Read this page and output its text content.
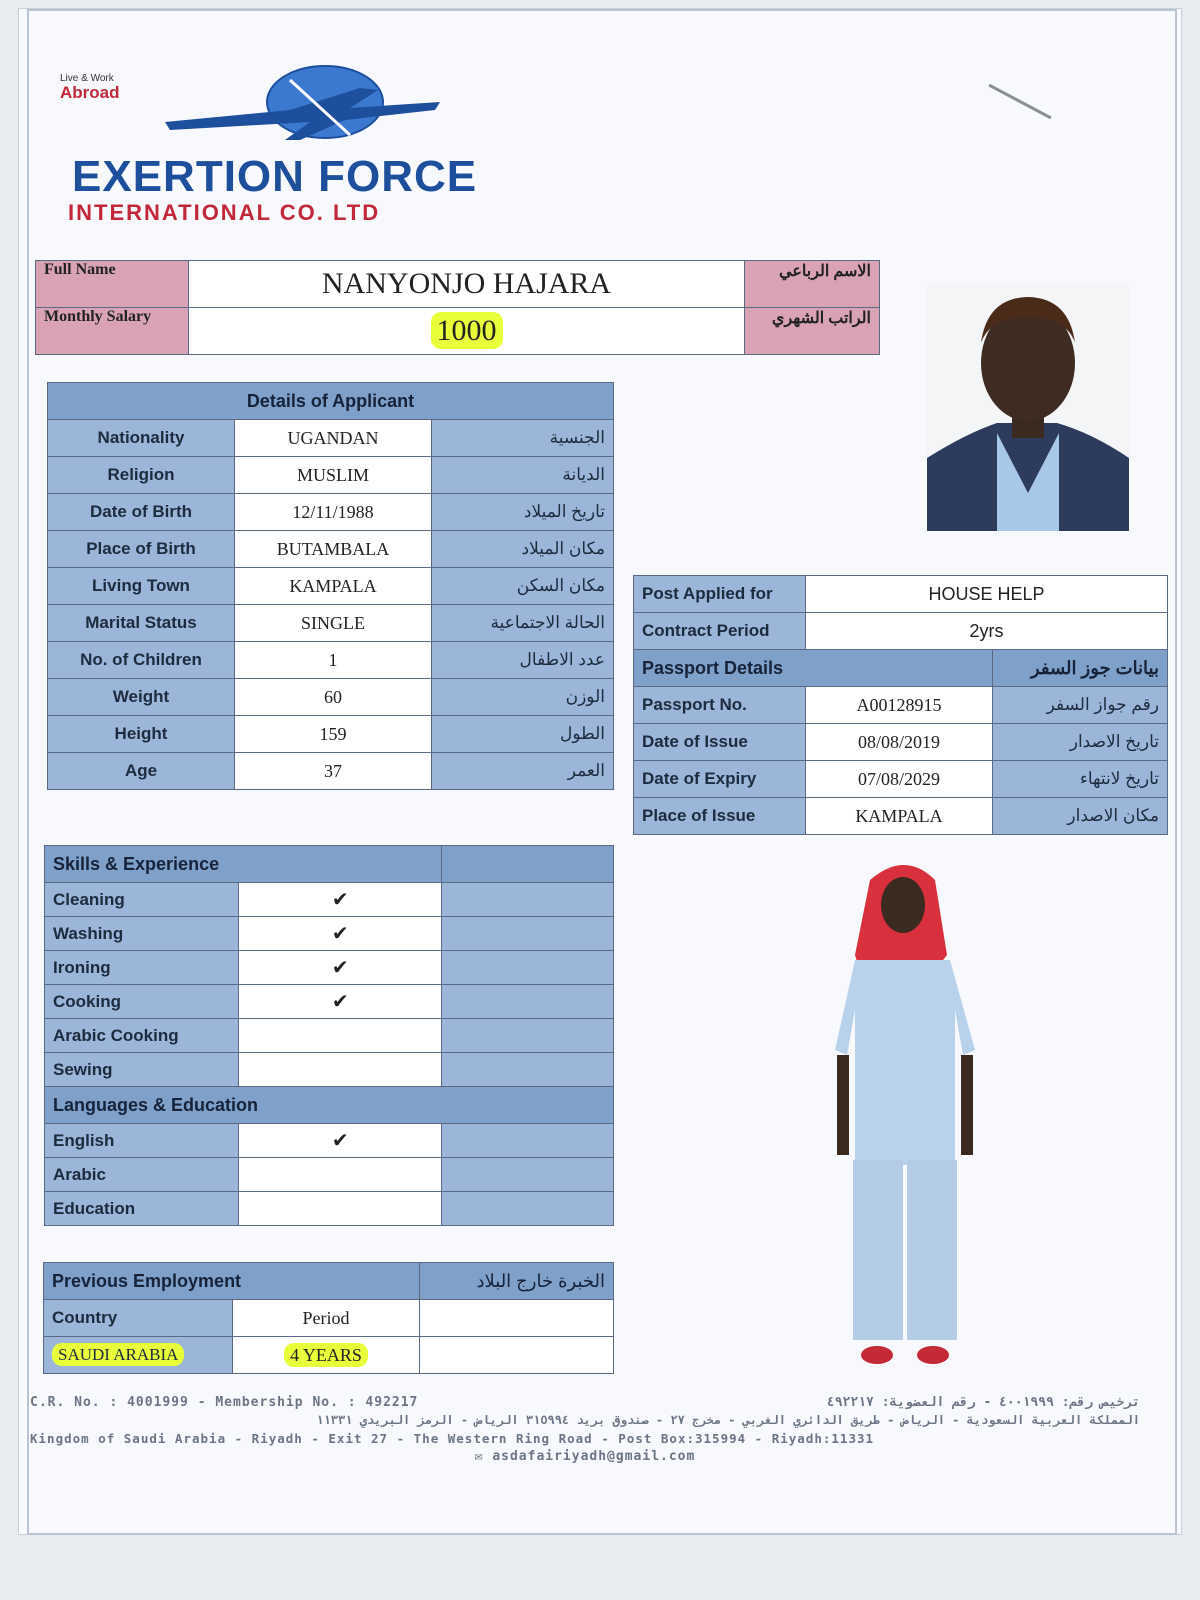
Live & Work
Abroad
EXERTION FORCE
INTERNATIONAL CO. LTD
Full Name	NANYONJO HAJARA	الاسم الرباعي
Monthly Salary	1000	الراتب الشهري
Details of Applicant		
Nationality	UGANDAN	الجنسية
Religion	MUSLIM	الديانة
Date of Birth	12/11/1988	تاريخ الميلاد
Place of Birth	BUTAMBALA	مكان الميلاد
Living Town	KAMPALA	مكان السكن
Marital Status	SINGLE	الحالة الاجتماعية
No. of Children	1	عدد الاطفال
Weight	60	الوزن
Height	159	الطول
Age	37	العمر
Post Applied for	HOUSE HELP	
Contract Period	2yrs	
Passport Details		بيانات جوز السفر
Passport No.	A00128915	رقم جواز السفر
Date of Issue	08/08/2019	تاريخ الاصدار
Date of Expiry	07/08/2029	تاريخ لانتهاء
Place of Issue	KAMPALA	مكان الاصدار
Skills & Experience		
Cleaning	✔	
Washing	✔	
Ironing	✔	
Cooking	✔	
Arabic Cooking		
Sewing		
Languages & Education		
English	✔	
Arabic		
Education		
Previous Employment		الخبرة خارج البلاد
Country	Period	
SAUDI ARABIA	4 YEARS	
C.R. No. : 4001999 - Membership No. : 492217	ترخيص رقم: ٤٠٠١٩٩٩ - رقم العضوية: ٤٩٢٢١٧
المملكة العربية السعودية - الرياض - طريق الدائري الغربي - مخرج ٢٧ - صندوق بريد ٣١٥٩٩٤ الرياض - الرمز البريدي ١١٣٣١
Kingdom of Saudi Arabia - Riyadh - Exit 27 - The Western Ring Road - Post Box:315994 - Riyadh:11331
✉ asdafairiyadh@gmail.com
